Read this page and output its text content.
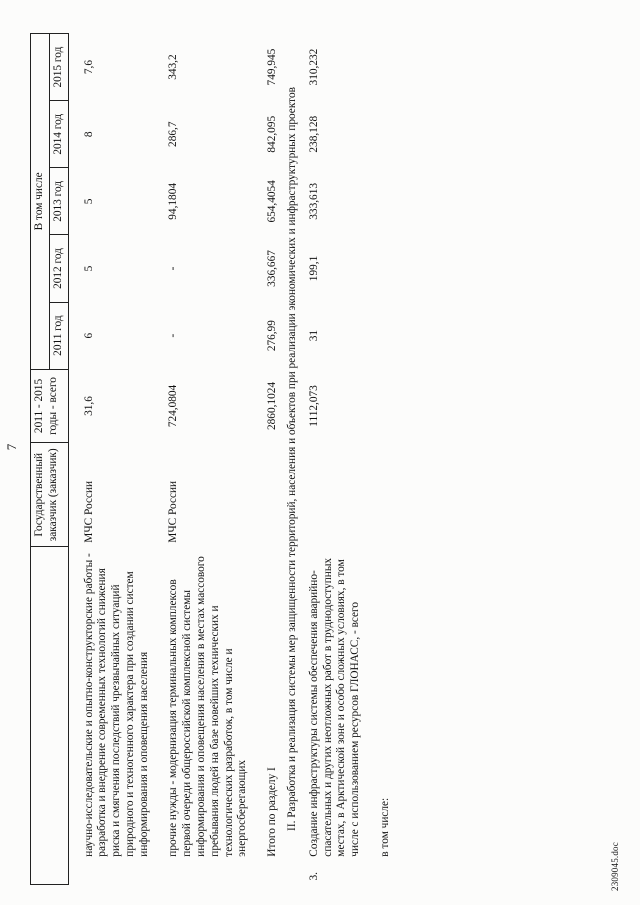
7
		Государственный заказчик (заказчик)	2011 - 2015 годы - всего	В том числе				
				2011 год	2012 год	2013 год	2014 год	2015 год

	научно-исследовательские и опытно-конструкторские работы - разработка и внедрение современных технологий снижения риска и смягчения последствий чрезвычайных ситуаций природного и техногенного характера при создании систем информирования и оповещения населения	МЧС России	31,6	6	5	5	8	7,6

	прочие нужды - модернизация терминальных комплексов первой очереди общероссийской комплексной системы информирования и оповещения населения в местах массового пребывания людей на базе новейших технических и технологических разработок, в том числе и энергосберегающих	МЧС России	724,0804	-	-	94,1804	286,7	343,2

	Итого по разделу I		2860,1024	276,99	336,667	654,4054	842,095	749,945
II. Разработка и реализация системы мер защищенности территорий, населения и объектов при реализации экономических и инфраструктурных проектов								
3.	Создание инфраструктуры системы обеспечения аварийно-спасательных и других неотложных работ в труднодоступных местах, в Арктической зоне и особо сложных условиях, в том числе с использованием ресурсов ГЛОНАСС, - всего		1112,073	31	199,1	333,613	238,128	310,232

	в том числе:							
2309045.doc
